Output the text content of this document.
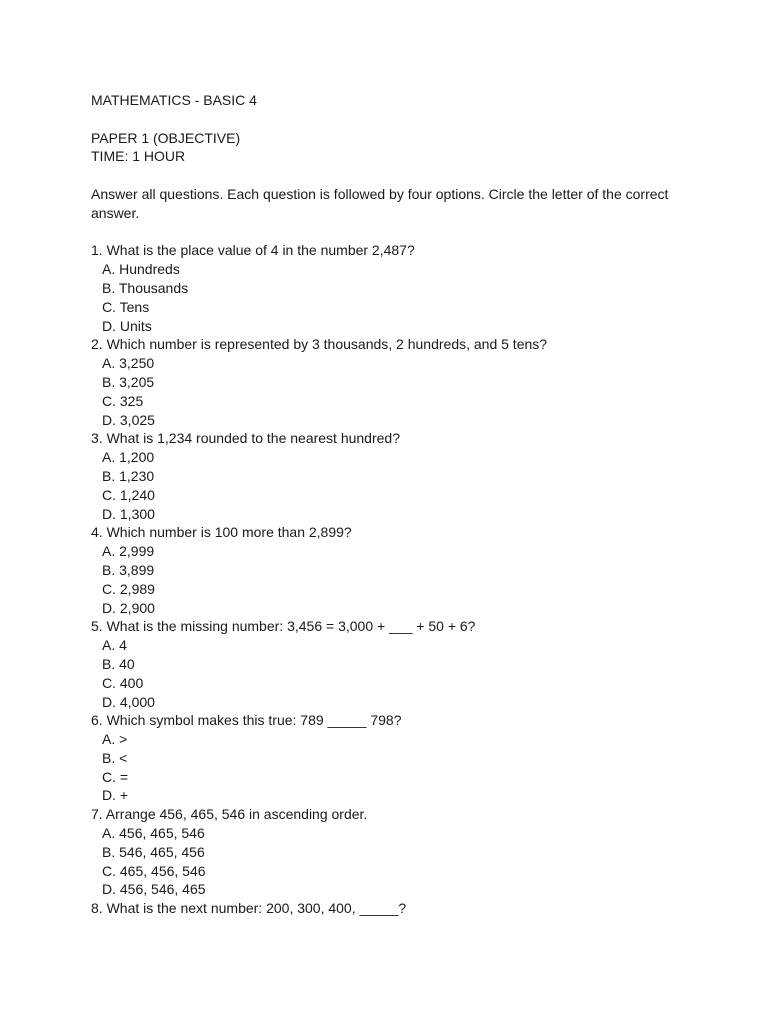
MATHEMATICS - BASIC 4

PAPER 1 (OBJECTIVE)

TIME: 1 HOUR

Answer all questions. Each question is followed by four options. Circle the letter of the correct answer.

1. What is the place value of 4 in the number 2,487?

A. Hundreds

B. Thousands

C. Tens

D. Units

2. Which number is represented by 3 thousands, 2 hundreds, and 5 tens?

A. 3,250

B. 3,205

C. 325

D. 3,025

3. What is 1,234 rounded to the nearest hundred?

A. 1,200

B. 1,230

C. 1,240

D. 1,300

4. Which number is 100 more than 2,899?

A. 2,999

B. 3,899

C. 2,989

D. 2,900

5. What is the missing number: 3,456 = 3,000 + ___ + 50 + 6?

A. 4

B. 40

C. 400

D. 4,000

6. Which symbol makes this true: 789 _____ 798?

A. >

B. <

C. =

D. +

7. Arrange 456, 465, 546 in ascending order.

A. 456, 465, 546

B. 546, 465, 456

C. 465, 456, 546

D. 456, 546, 465

8. What is the next number: 200, 300, 400, _____?
